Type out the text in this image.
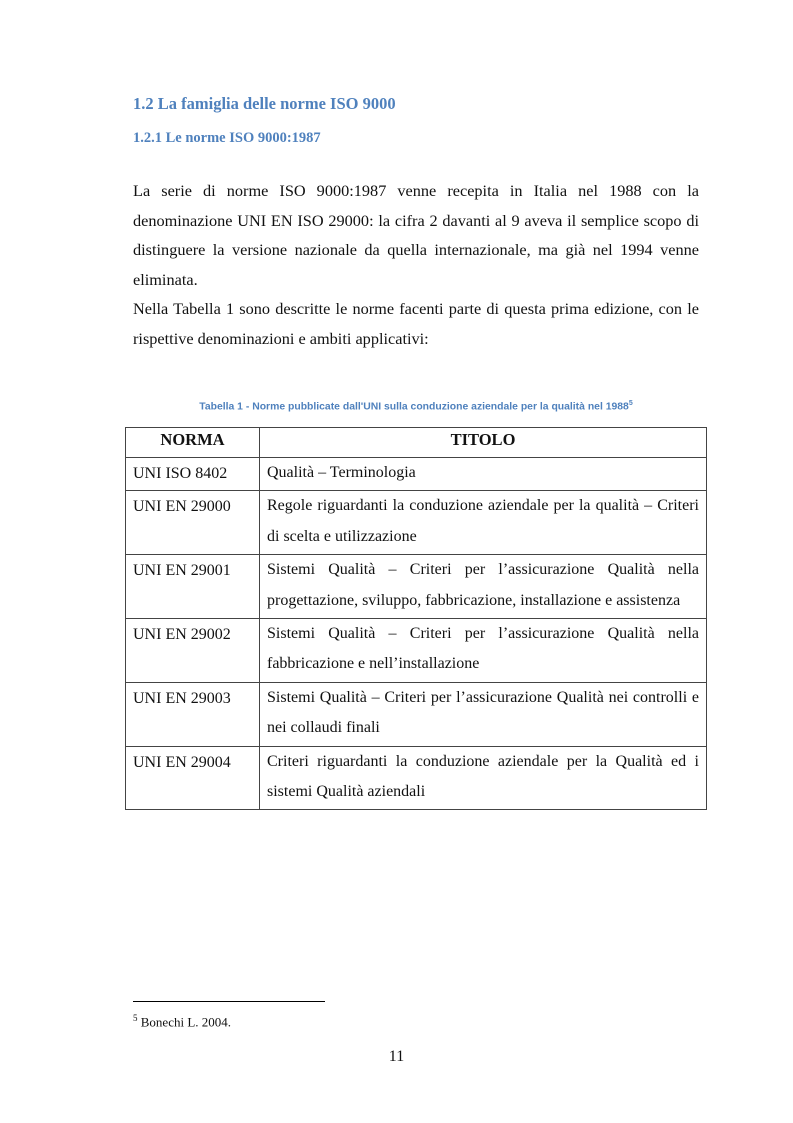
1.2 La famiglia delle norme ISO 9000
1.2.1 Le norme ISO 9000:1987

La serie di norme ISO 9000:1987 venne recepita in Italia nel 1988 con la denominazione UNI EN ISO 29000: la cifra 2 davanti al 9 aveva il semplice scopo di distinguere la versione nazionale da quella internazionale, ma già nel 1994 venne eliminata.

Nella Tabella 1 sono descritte le norme facenti parte di questa prima edizione, con le rispettive denominazioni e ambiti applicativi:

Tabella 1 - Norme pubblicate dall'UNI sulla conduzione aziendale per la qualità nel 1988$^5$

NORMA	TITOLO
UNI ISO 8402	Qualità – Terminologia
UNI EN 29000	Regole riguardanti la conduzione aziendale per la qualità – Criteri di scelta e utilizzazione
UNI EN 29001	Sistemi Qualità – Criteri per l’assicurazione Qualità nella progettazione, sviluppo, fabbricazione, installazione e assistenza
UNI EN 29002	Sistemi Qualità – Criteri per l’assicurazione Qualità nella fabbricazione e nell’installazione
UNI EN 29003	Sistemi Qualità – Criteri per l’assicurazione Qualità nei controlli e nei collaudi finali
UNI EN 29004	Criteri riguardanti la conduzione aziendale per la Qualità ed i sistemi Qualità aziendali

$^5$ Bonechi L. 2004.

11
